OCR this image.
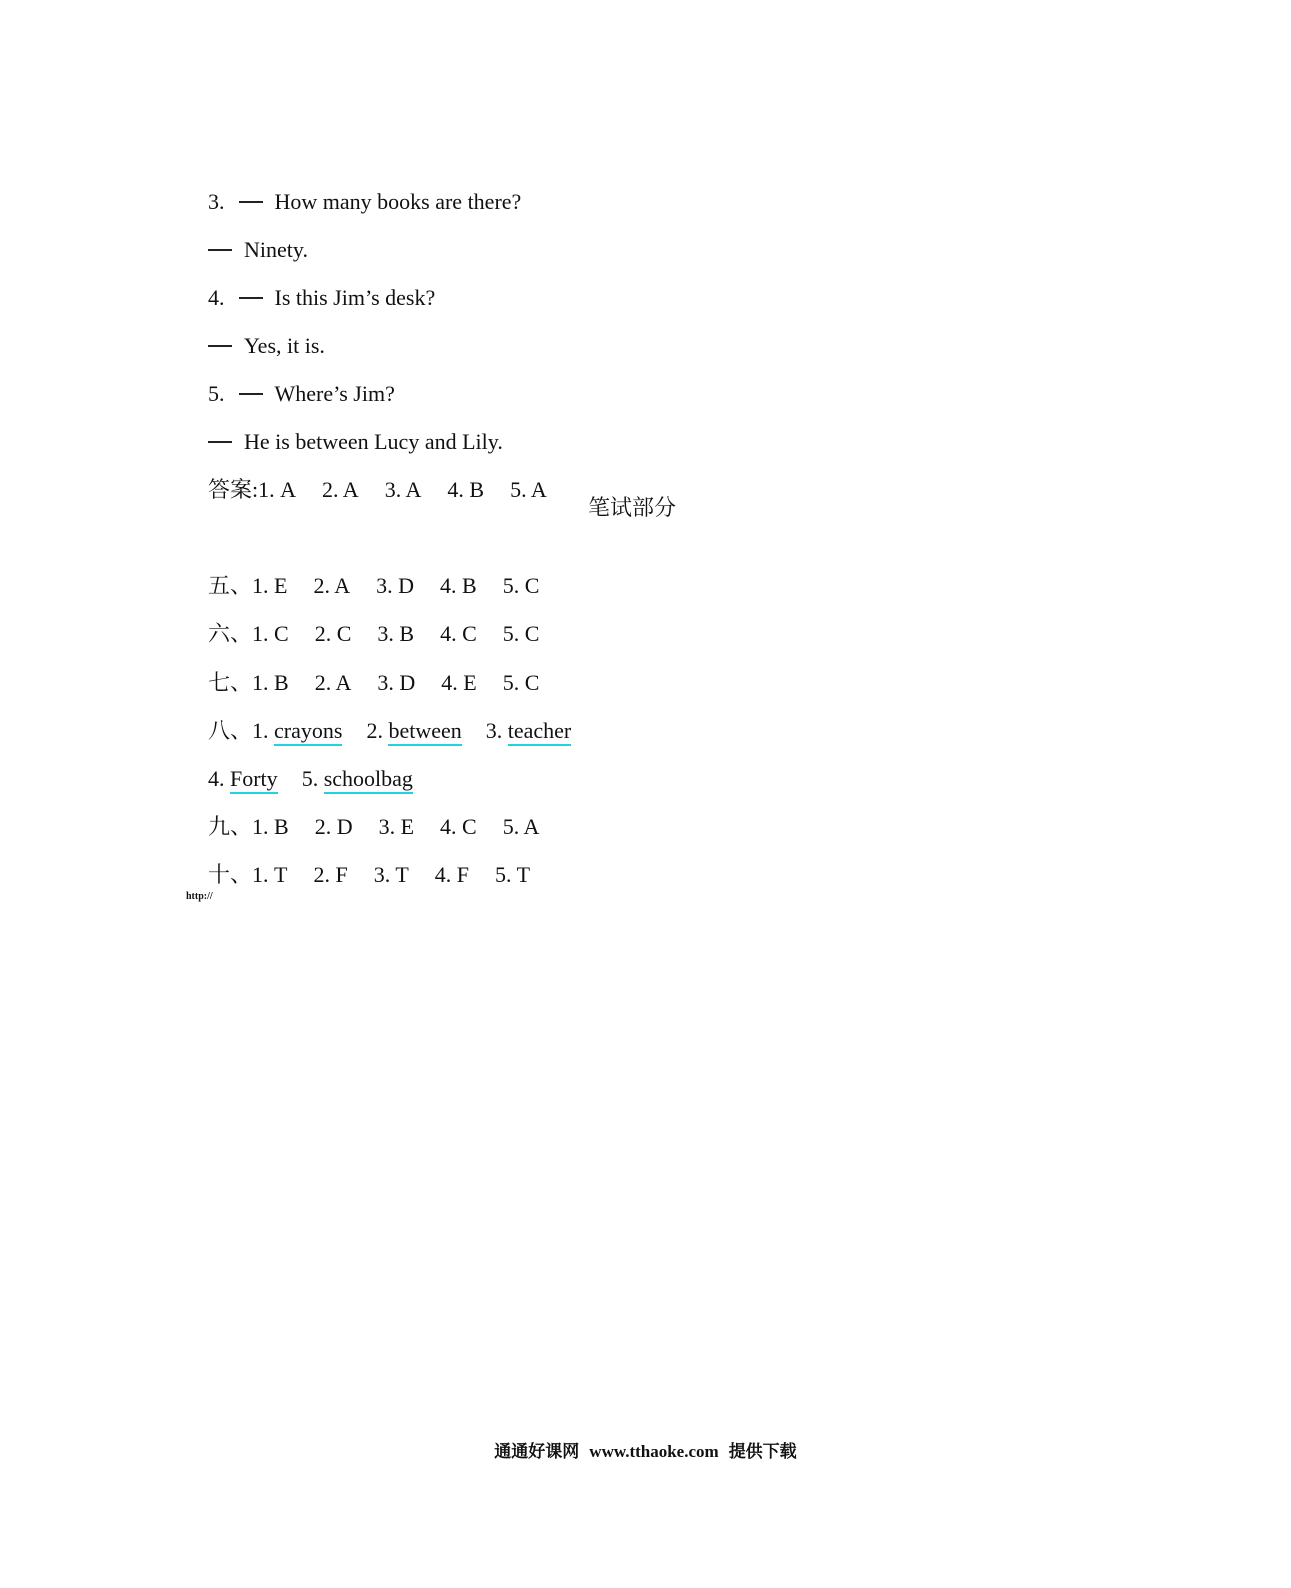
3. How many books are there?

Ninety.

4. Is this Jim’s desk?

Yes, it is.

5. Where’s Jim?

He is between Lucy and Lily.

答案:1. A 2. A 3. A 4. B 5. A

笔试部分

五、1. E 2. A 3. D 4. B 5. C

六、1. C 2. C 3. B 4. C 5. C

七、1. B 2. A 3. D 4. E 5. C

八、1. crayons 2. between 3. teacher

4. Forty 5. schoolbag

九、1. B 2. D 3. E 4. C 5. A

十、1. T 2. F 3. T 4. F 5. T

http://
通通好课网 www.tthaoke.com 提供下载
